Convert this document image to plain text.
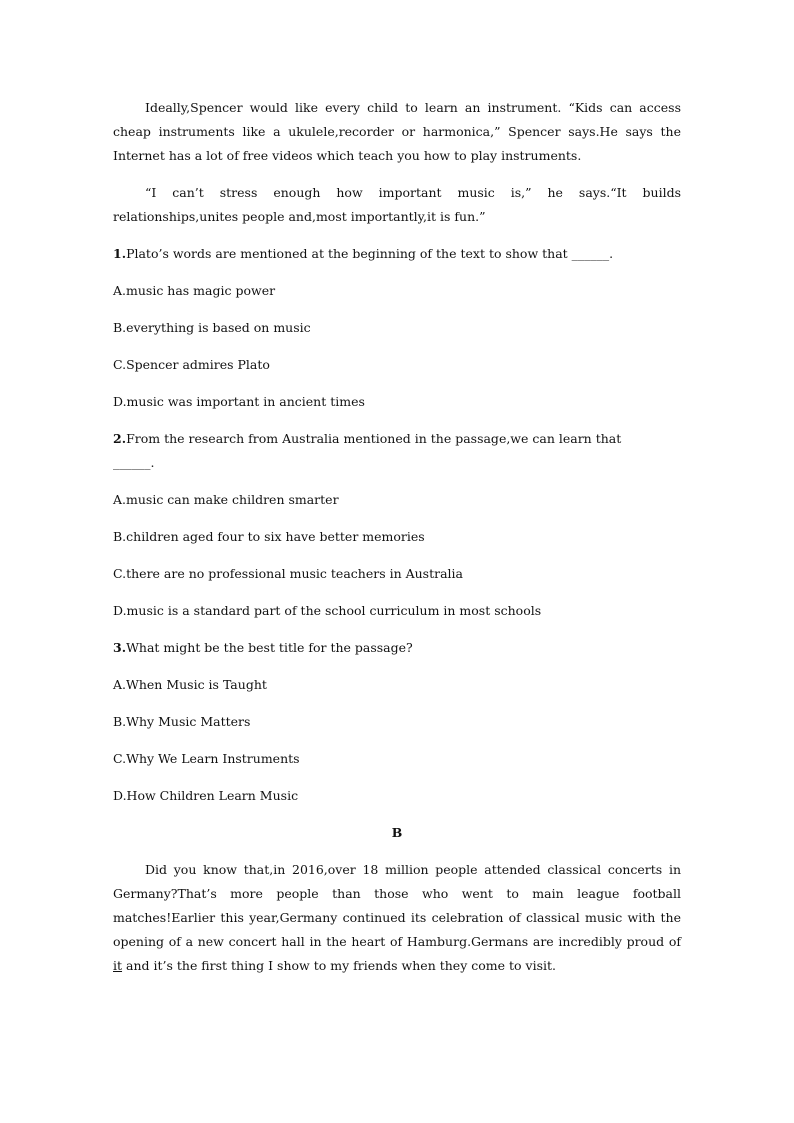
Ideally,Spencer would like every child to learn an instrument. “Kids can access cheap instruments like a ukulele,recorder or harmonica,” Spencer says.He says the Internet has a lot of free videos which teach you how to play instruments.

“I can’t stress enough how important music is,” he says.“It builds relationships,unites people and,most importantly,it is fun.”

1.Plato’s words are mentioned at the beginning of the text to show that ______.

A.music has magic power

B.everything is based on music

C.Spencer admires Plato

D.music was important in ancient times

2.From the research from Australia mentioned in the passage,we can learn that ______.

A.music can make children smarter

B.children aged four to six have better memories

C.there are no professional music teachers in Australia

D.music is a standard part of the school curriculum in most schools

3.What might be the best title for the passage?

A.When Music is Taught

B.Why Music Matters

C.Why We Learn Instruments

D.How Children Learn Music

B

Did you know that,in 2016,over 18 million people attended classical concerts in Germany?That’s more people than those who went to main league football matches!Earlier this year,Germany continued its celebration of classical music with the opening of a new concert hall in the heart of Hamburg.Germans are incredibly proud of it and it’s the first thing I show to my friends when they come to visit.
